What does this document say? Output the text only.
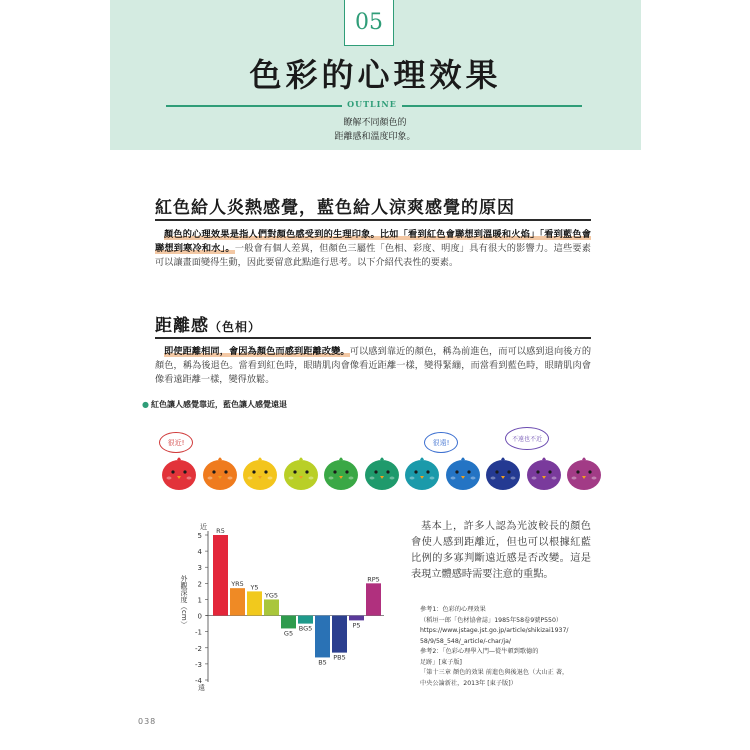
05
色彩的心理效果
OUTLINE
瞭解不同顏色的
距離感和溫度印象。
紅色給人炎熱感覺，藍色給人涼爽感覺的原因
顏色的心理效果是指人們對顏色感受到的生理印象。比如「看到紅色會聯想到溫暖和火焰」「看到藍色會聯想到寒冷和水」。一般會有個人差異，但顏色三屬性「色相、彩度、明度」具有很大的影響力。這些要素可以讓畫面變得生動，因此要留意此點進行思考。以下介紹代表性的要素。
距離感（色相）
即使距離相同，會因為顏色而感到距離改變。可以感到靠近的顏色，稱為前進色，而可以感到退向後方的顏色，稱為後退色。當看到紅色時，眼睛肌肉會像看近距離一樣，變得緊繃，而當看到藍色時，眼睛肌肉會像看遠距離一樣，變得放鬆。
● 紅色讓人感覺靠近，藍色讓人感覺遠退
很近!	很遠!	不遠也不近
5
4
3
2
1
0
-1
-2
-3
-4
近
遠
外觀深度（cm）
R5
YR5 Y5
YG5
G5
BG5
B5
PB5
P5
RP5
基本上，許多人認為光波較長的顏色會使人感到距離近，但也可以根據紅藍比例的多寡判斷遠近感是否改變。這是表現立體感時需要注意的重點。
參考1：色彩的心理效果
（稻垣一郎「色材協會誌」1985年58卷9號P550）
https://www.jstage.jst.go.jp/article/shikizai1937/
58/9/58_548/_article/-char/ja/
參考2：「色彩心理學入門—從牛頓到歌德的
足跡」[東子版]
「第十三章 顏色的效果 前進色與後退色（大山正 著，
中央公論新社，2013年 [東子版]）
038
